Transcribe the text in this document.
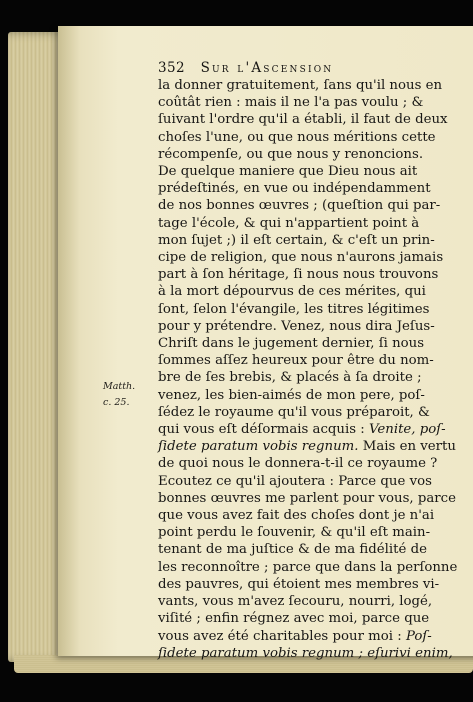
352 Sur l'Ascension
Matth.
c. 25.
la donner gratuitement, ſans qu'il nous en
coûtât rien : mais il ne l'a pas voulu ; &
ſuivant l'ordre qu'il a établi, il faut de deux
choſes l'une, ou que nous méritions cette
récompenſe, ou que nous y renoncions.
De quelque maniere que Dieu nous ait
prédeſtinés, en vue ou indépendamment
de nos bonnes œuvres ; (queſtion qui par-
tage l'école, & qui n'appartient point à
mon ſujet ;) il eſt certain, & c'eſt un prin-
cipe de religion, que nous n'aurons jamais
part à ſon héritage, ſi nous nous trouvons
à la mort dépourvus de ces mérites, qui
ſont, ſelon l'évangile, les titres légitimes
pour y prétendre. Venez, nous dira Jeſus-
Chriſt dans le jugement dernier, ſi nous
ſommes aſſez heureux pour être du nom-
bre de ſes brebis, & placés à ſa droite ;
venez, les bien-aimés de mon pere, poſ-
ſédez le royaume qu'il vous préparoit, &
qui vous eſt déſormais acquis : Venite, poſ-
ſidete paratum vobis regnum. Mais en vertu
de quoi nous le donnera-t-il ce royaume ?
Ecoutez ce qu'il ajoutera : Parce que vos
bonnes œuvres me parlent pour vous, parce
que vous avez fait des choſes dont je n'ai
point perdu le ſouvenir, & qu'il eſt main-
tenant de ma juſtice & de ma fidélité de
les reconnoître ; parce que dans la perſonne
des pauvres, qui étoient mes membres vi-
vants, vous m'avez ſecouru, nourri, logé,
viſité ; enfin régnez avec moi, parce que
vous avez été charitables pour moi : Poſ-
ſidete paratum vobis regnum ; eſurivi enim,
